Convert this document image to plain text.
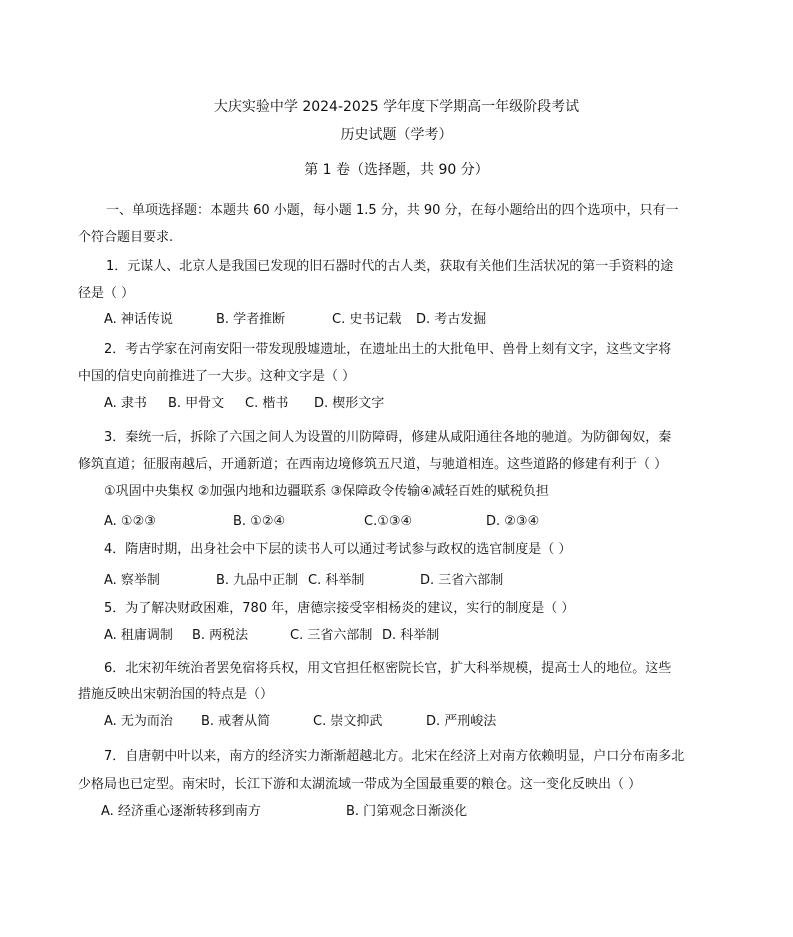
大庆实验中学 2024-2025 学年度下学期高一年级阶段考试
历史试题（学考）
第 1 卷（选择题，共 90 分）
一、单项选择题：本题共 60 小题，每小题 1.5 分，共 90 分，在每小题给出的四个选项中，只有一
个符合题目要求.
1．元谋人、北京人是我国已发现的旧石器时代的古人类，获取有关他们生活状况的第一手资料的途
径是（ ）
A. 神话传说	B. 学者推断	C. 史书记载 D. 考古发掘
2．考古学家在河南安阳一带发现殷墟遗址，在遗址出土的大批龟甲、兽骨上刻有文字，这些文字将
中国的信史向前推进了一大步。这种文字是（ ）
A. 隶书 B. 甲骨文 C. 楷书 D. 楔形文字
3．秦统一后，拆除了六国之间人为设置的川防障碍，修建从咸阳通往各地的驰道。为防御匈奴，秦
修筑直道；征服南越后，开通新道；在西南边境修筑五尺道，与驰道相连。这些道路的修建有利于（ ）
①巩固中央集权 ②加强内地和边疆联系 ③保障政令传输④减轻百姓的赋税负担
A. ①②③	B. ①②④	C.①③④	D. ②③④
4．隋唐时期，出身社会中下层的读书人可以通过考试参与政权的选官制度是（ ）
A. 察举制	B. 九品中正制 C. 科举制	D. 三省六部制
5．为了解决财政困难，780 年，唐德宗接受宰相杨炎的建议，实行的制度是（ ）
A. 租庸调制 B. 两税法	C. 三省六部制 D. 科举制
6．北宋初年统治者罢免宿将兵权，用文官担任枢密院长官，扩大科举规模，提高士人的地位。这些
措施反映出宋朝治国的特点是（）
A. 无为而治 B. 戒奢从简	C. 崇文抑武	D. 严刑峻法
7．自唐朝中叶以来，南方的经济实力渐渐超越北方。北宋在经济上对南方依赖明显，户口分布南多北
少格局也已定型。南宋时，长江下游和太湖流域一带成为全国最重要的粮仓。这一变化反映出（ ）
A. 经济重心逐渐转移到南方	B. 门第观念日渐淡化
